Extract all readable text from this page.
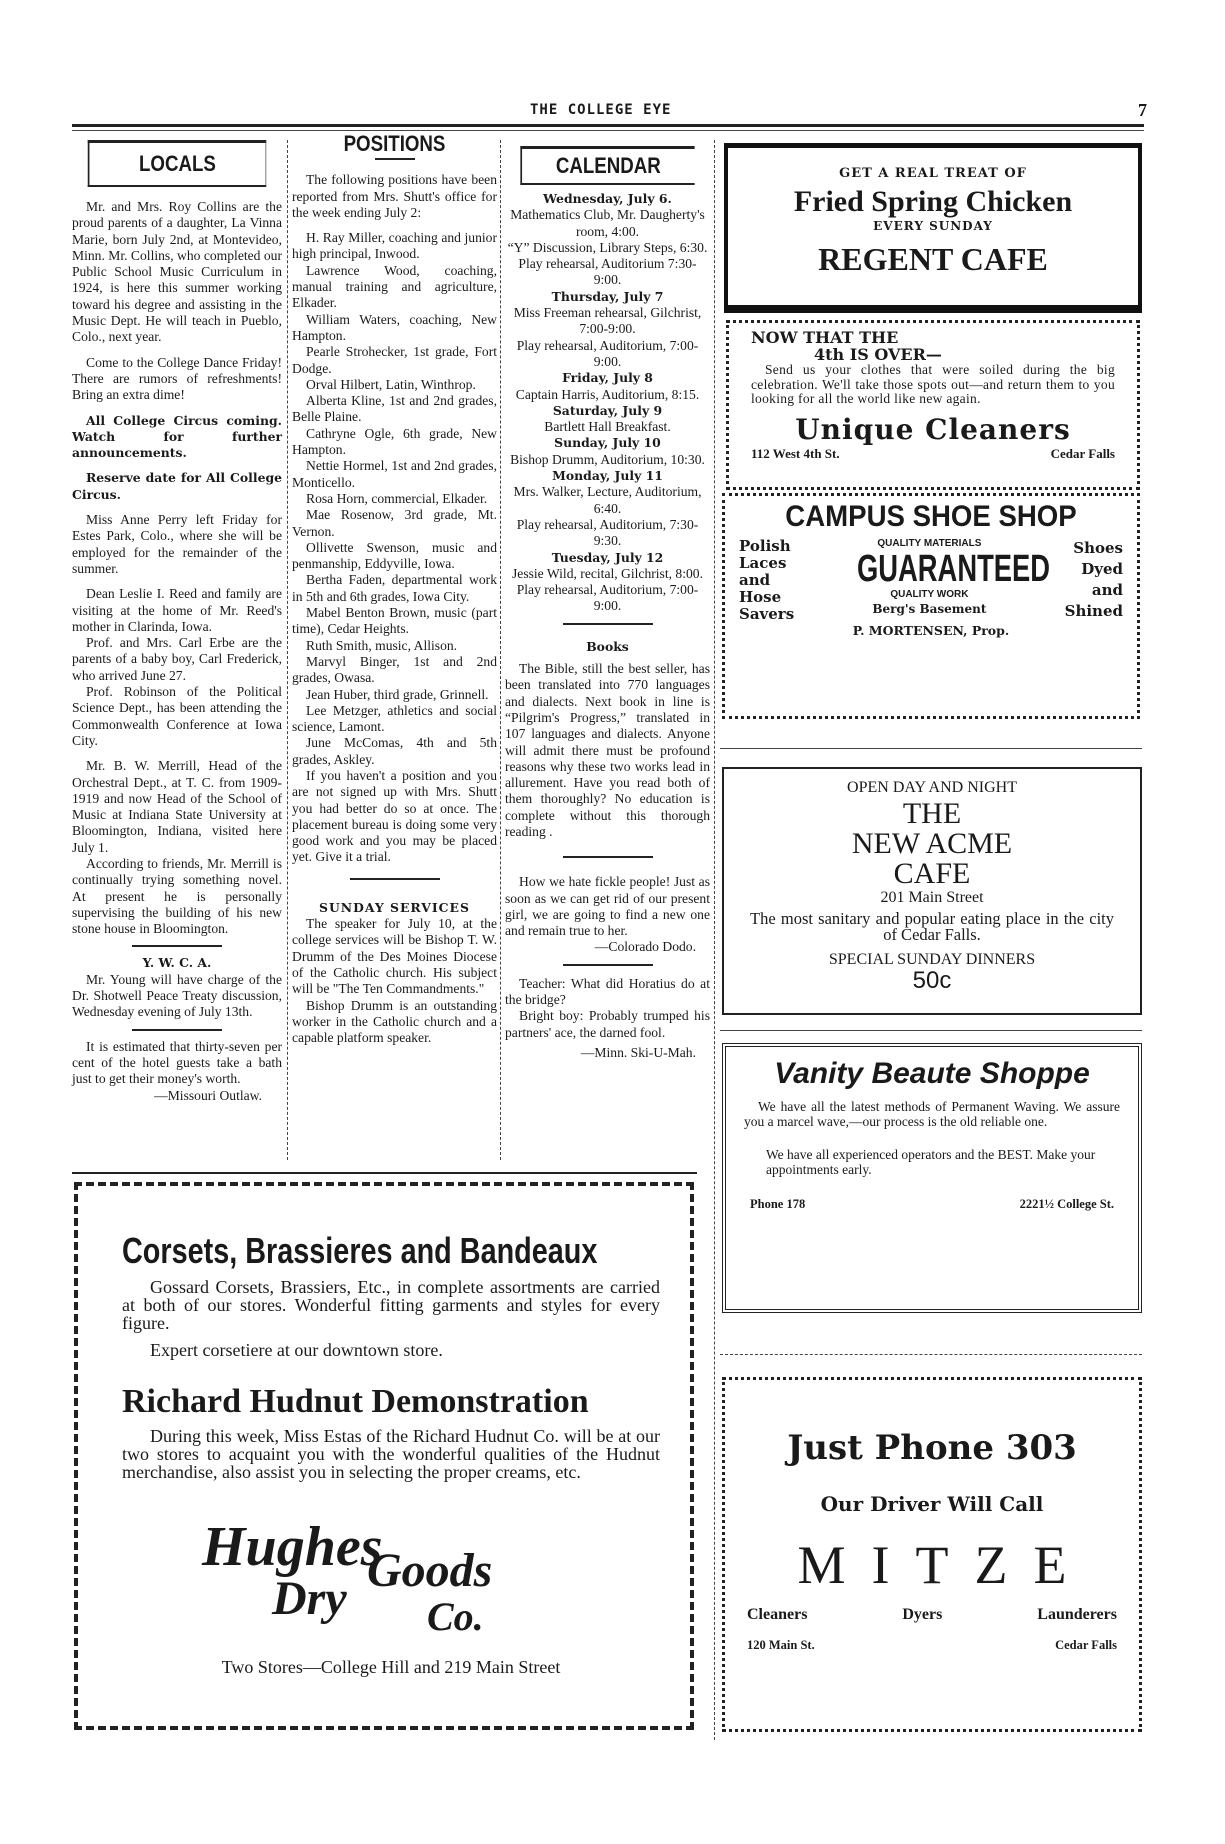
THE COLLEGE EYE	7
LOCALS

Mr. and Mrs. Roy Collins are the proud parents of a daughter, La Vinna Marie, born July 2nd, at Montevideo, Minn. Mr. Collins, who completed our Public School Music Curriculum in 1924, is here this summer working toward his degree and assisting in the Music Dept. He will teach in Pueblo, Colo., next year.

Come to the College Dance Friday! There are rumors of refreshments! Bring an extra dime!

All College Circus coming. Watch for further announcements.

Reserve date for All College Circus.

Miss Anne Perry left Friday for Estes Park, Colo., where she will be employed for the remainder of the summer.

Dean Leslie I. Reed and family are visiting at the home of Mr. Reed's mother in Clarinda, Iowa.

Prof. and Mrs. Carl Erbe are the parents of a baby boy, Carl Frederick, who arrived June 27.

Prof. Robinson of the Political Science Dept., has been attending the Commonwealth Conference at Iowa City.

Mr. B. W. Merrill, Head of the Orchestral Dept., at T. C. from 1909-1919 and now Head of the School of Music at Indiana State University at Bloomington, Indiana, visited here July 1.

According to friends, Mr. Merrill is continually trying something novel. At present he is personally supervising the building of his new stone house in Bloomington.

Y. W. C. A.

Mr. Young will have charge of the Dr. Shotwell Peace Treaty discussion, Wednesday evening of July 13th.

It is estimated that thirty-seven per cent of the hotel guests take a bath just to get their money's worth.

—Missouri Outlaw.
POSITIONS

The following positions have been reported from Mrs. Shutt's office for the week ending July 2:

H. Ray Miller, coaching and junior high principal, Inwood.

Lawrence Wood, coaching, manual training and agriculture, Elkader.

William Waters, coaching, New Hampton.

Pearle Strohecker, 1st grade, Fort Dodge.

Orval Hilbert, Latin, Winthrop.

Alberta Kline, 1st and 2nd grades, Belle Plaine.

Cathryne Ogle, 6th grade, New Hampton.

Nettie Hormel, 1st and 2nd grades, Monticello.

Rosa Horn, commercial, Elkader.

Mae Rosenow, 3rd grade, Mt. Vernon.

Ollivette Swenson, music and penmanship, Eddyville, Iowa.

Bertha Faden, departmental work in 5th and 6th grades, Iowa City.

Mabel Benton Brown, music (part time), Cedar Heights.

Ruth Smith, music, Allison.

Marvyl Binger, 1st and 2nd grades, Owasa.

Jean Huber, third grade, Grinnell.

Lee Metzger, athletics and social science, Lamont.

June McComas, 4th and 5th grades, Askley.

If you haven't a position and you are not signed up with Mrs. Shutt you had better do so at once. The placement bureau is doing some very good work and you may be placed yet. Give it a trial.

SUNDAY SERVICES

The speaker for July 10, at the college services will be Bishop T. W. Drumm of the Des Moines Diocese of the Catholic church. His subject will be "The Ten Commandments."

Bishop Drumm is an outstanding worker in the Catholic church and a capable platform speaker.

CALENDAR

Wednesday, July 6.

Mathematics Club, Mr. Daugherty's room, 4:00.

“Y” Discussion, Library Steps, 6:30.

Play rehearsal, Auditorium 7:30-9:00.

Thursday, July 7

Miss Freeman rehearsal, Gilchrist, 7:00-9:00.

Play rehearsal, Auditorium, 7:00-9:00.

Friday, July 8

Captain Harris, Auditorium, 8:15.

Saturday, July 9

Bartlett Hall Breakfast.

Sunday, July 10

Bishop Drumm, Auditorium, 10:30.

Monday, July 11

Mrs. Walker, Lecture, Auditorium, 6:40.

Play rehearsal, Auditorium, 7:30-9:30.

Tuesday, July 12

Jessie Wild, recital, Gilchrist, 8:00.

Play rehearsal, Auditorium, 7:00-9:00.

Books

The Bible, still the best seller, has been translated into 770 languages and dialects. Next book in line is “Pilgrim's Progress,” translated in 107 languages and dialects. Anyone will admit there must be profound reasons why these two works lead in allurement. Have you read both of them thoroughly? No education is complete without this thorough reading .

How we hate fickle people! Just as soon as we can get rid of our present girl, we are going to find a new one and remain true to her.

—Colorado Dodo.

Teacher: What did Horatius do at the bridge?

Bright boy: Probably trumped his partners' ace, the darned fool.

—Minn. Ski-U-Mah.
GET A REAL TREAT OF
Fried Spring Chicken
EVERY SUNDAY
REGENT CAFE
NOW THAT THE
4th IS OVER—
Send us your clothes that were soiled during the big celebration. We'll take those spots out—and return them to you looking for all the world like new again.
Unique Cleaners
112 West 4th St.	Cedar Falls
CAMPUS SHOE SHOP
Polish
Laces
and
Hose
Savers
QUALITY MATERIALS
GUARANTEED
QUALITY WORK
Berg's Basement
Shoes
Dyed
and
Shined
P. MORTENSEN, Prop.
OPEN DAY AND NIGHT
THE
NEW ACME
CAFE
201 Main Street
The most sanitary and popular eating place in the city of Cedar Falls.
SPECIAL SUNDAY DINNERS
50c
Vanity Beaute Shoppe
We have all the latest methods of Permanent Waving. We assure you a marcel wave,—our process is the old reliable one.
We have all experienced operators and the BEST. Make your appointments early.
Phone 178	2221½ College St.
Just Phone 303
Our Driver Will Call
MITZE
Cleaners	Dyers	Launderers
120 Main St.	Cedar Falls
Corsets, Brassieres and Bandeaux
Gossard Corsets, Brassiers, Etc., in complete assortments are carried at both of our stores. Wonderful fitting garments and styles for every figure.
Expert corsetiere at our downtown store.
Richard Hudnut Demonstration
During this week, Miss Estas of the Richard Hudnut Co. will be at our two stores to acquaint you with the wonderful qualities of the Hudnut merchandise, also assist you in selecting the proper creams, etc.
Hughes
Dry
Goods
Co.
Two Stores—College Hill and 219 Main Street
